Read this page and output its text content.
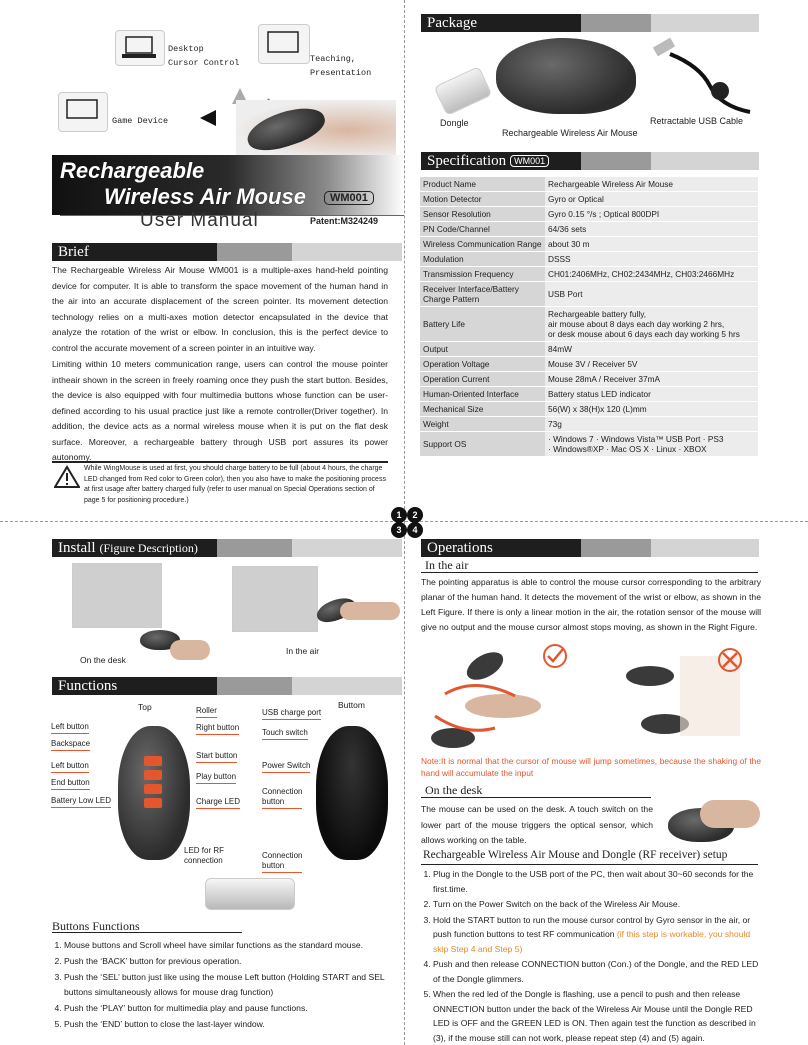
1	2
3	4
Desktop
Cursor Control	Teaching,
Presentation
Game Device
Rechargeable
Wireless Air Mouse	WM001
User Manual	Patent:M324249
Brief
The Rechargeable Wireless Air Mouse WM001 is a multiple-axes hand-held pointing device for computer. It is able to transform the space movement of the human hand in the air into an accurate displacement of the screen pointer. Its movement detection technology relies on a multi-axes motion detector encapsulated in the device that analyze the rotation of the wrist or elbow. In conclusion, this is the perfect device to control the accurate movement of a screen pointer in an intuitive way.
Limiting within 10 meters communication range, users can control the mouse pointer intheair shown in the screen in freely roaming once they push the start button. Besides, the device is also equipped with four multimedia buttons whose function can be user-defined according to his usual practice just like a remote controller(Driver together). In addition, the device acts as a normal wireless mouse when it is put on the flat desk surface. Moreover, a rechargeable battery through USB port assures its power autonomy.
While WingMouse is used at first, you should charge battery to be full (about 4 hours, the charge LED changed from Red color to Green color), then you also have to make the positioning process at first usage after battery charged fully (refer to user manual on Special Operations section of page 5 for positioning procedure.)
Package
Dongle
Rechargeable Wireless Air Mouse
Retractable USB Cable
Specification WM001
Product Name	Rechargeable Wireless Air Mouse
Motion Detector	Gyro or Optical
Sensor Resolution	Gyro 0.15 °/s ; Optical 800DPI
PN Code/Channel	64/36 sets
Wireless Communication Range	about 30 m
Modulation	DSSS
Transmission Frequency	CH01:2406MHz, CH02:2434MHz, CH03:2466MHz
Receiver Interface/Battery Charge Pattern	USB Port
Battery Life	Rechargeable battery fully,
air mouse about 8 days each day working 2 hrs,
or desk mouse about 6 days each day working 5 hrs
Output	84mW
Operation Voltage	Mouse 3V / Receiver 5V
Operation Current	Mouse 28mA / Receiver 37mA
Human-Oriented Interface	Battery status LED indicator
Mechanical Size	56(W) x 38(H)x 120 (L)mm
Weight	73g
Support OS	· Windows 7 · Windows Vista™ USB Port · PS3
· Windows®XP · Mac OS X · Linux · XBOX
Install (Figure Description)
On the desk
In the air
Functions
Top	Buttom
Left button
Backspace
Left button
End button
Battery Low LED
Roller
Right button
Start button
Play button
Charge LED
USB charge port
Touch switch
Power Switch
Connection
button
Connection
button
LED for RF
connection
Buttons Functions
1. Mouse buttons and Scroll wheel have similar functions as the standard mouse.
2. Push the ‘BACK’ button for previous operation.
3. Push the ‘SEL’ button just like using the mouse Left button (Holding START and SEL buttons simultaneously allows for mouse drag function)
4. Push the ‘PLAY’ button for multimedia play and pause functions.
5. Push the ‘END’ button to close the last-layer window.
Operations
In the air
The pointing apparatus is able to control the mouse cursor corresponding to the arbitrary planar of the human hand. It detects the movement of the wrist or elbow, as shown in the Left Figure. If there is only a linear motion in the air, the rotation sensor of the mouse will give no output and the mouse cursor almost stops moving, as shown in the Right Figure.
Note:It is normal that the cursor of mouse will jump sometimes, because the shaking of the hand will accumulate the input
On the desk
The mouse can be used on the desk. A touch switch on the lower part of the mouse triggers the optical sensor, which allows working on the table.
Rechargeable Wireless Air Mouse and Dongle (RF receiver) setup
1. Plug in the Dongle to the USB port of the PC, then wait about 30~60 seconds for the first.time.
2. Turn on the Power Switch on the back of the Wireless Air Mouse.
3. Hold the START button to run the mouse cursor control by Gyro sensor in the air, or push function buttons to test RF communication (if this step is workable, you should skip Step 4 and Step 5)
4. Push and then release CONNECTION button (Con.) of the Dongle, and the RED LED of the Dongle glimmers.
5. When the red led of the Dongle is flashing, use a pencil to push and then release ONNECTION button under the back of the Wireless Air Mouse until the Dongle RED LED is OFF and the GREEN LED is ON. Then again test the function as described in (3), if the mouse still can not work, please repeat step (4) and (5) again.
